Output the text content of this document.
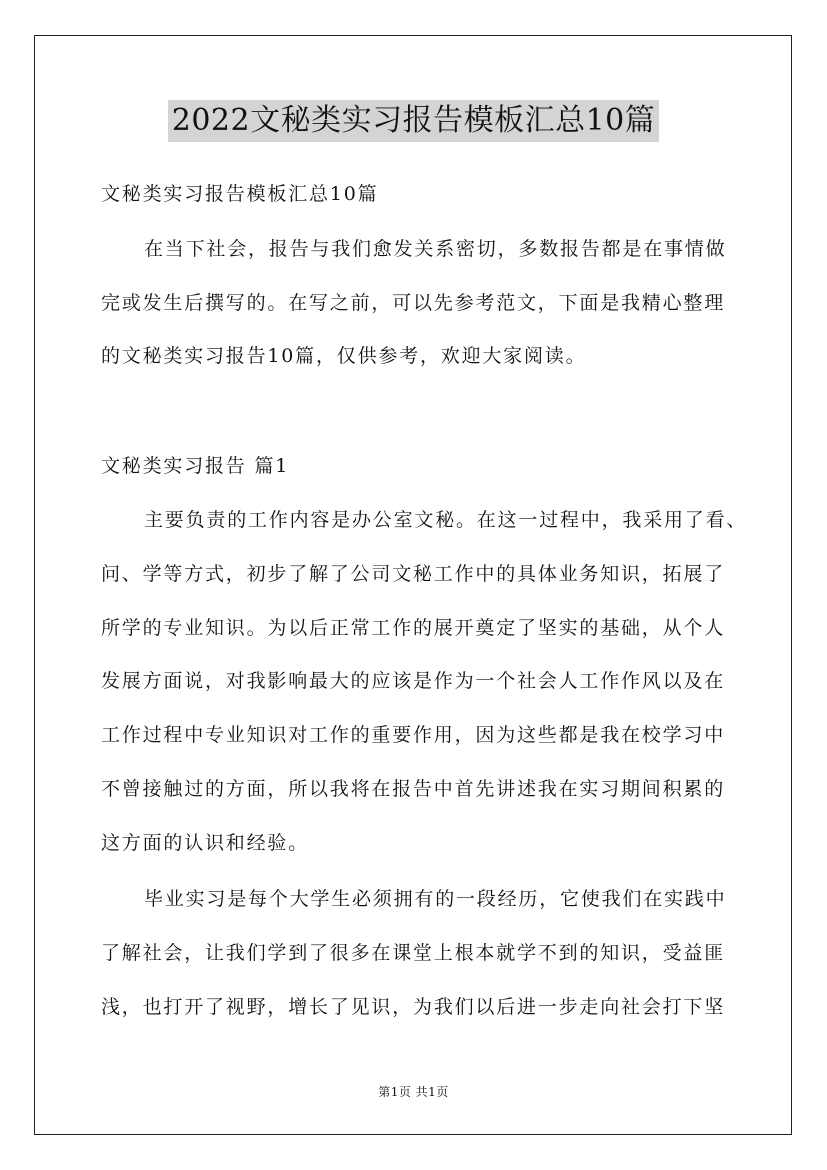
2022文秘类实习报告模板汇总10篇
文秘类实习报告模板汇总10篇
在当下社会，报告与我们愈发关系密切，多数报告都是在事情做
完或发生后撰写的。在写之前，可以先参考范文，下面是我精心整理
的文秘类实习报告10篇，仅供参考，欢迎大家阅读。
文秘类实习报告 篇1
主要负责的工作内容是办公室文秘。在这一过程中，我采用了看、
问、学等方式，初步了解了公司文秘工作中的具体业务知识，拓展了
所学的专业知识。为以后正常工作的展开奠定了坚实的基础，从个人
发展方面说，对我影响最大的应该是作为一个社会人工作作风以及在
工作过程中专业知识对工作的重要作用，因为这些都是我在校学习中
不曾接触过的方面，所以我将在报告中首先讲述我在实习期间积累的
这方面的认识和经验。
毕业实习是每个大学生必须拥有的一段经历，它使我们在实践中
了解社会，让我们学到了很多在课堂上根本就学不到的知识，受益匪
浅，也打开了视野，增长了见识，为我们以后进一步走向社会打下坚
第1页 共1页
